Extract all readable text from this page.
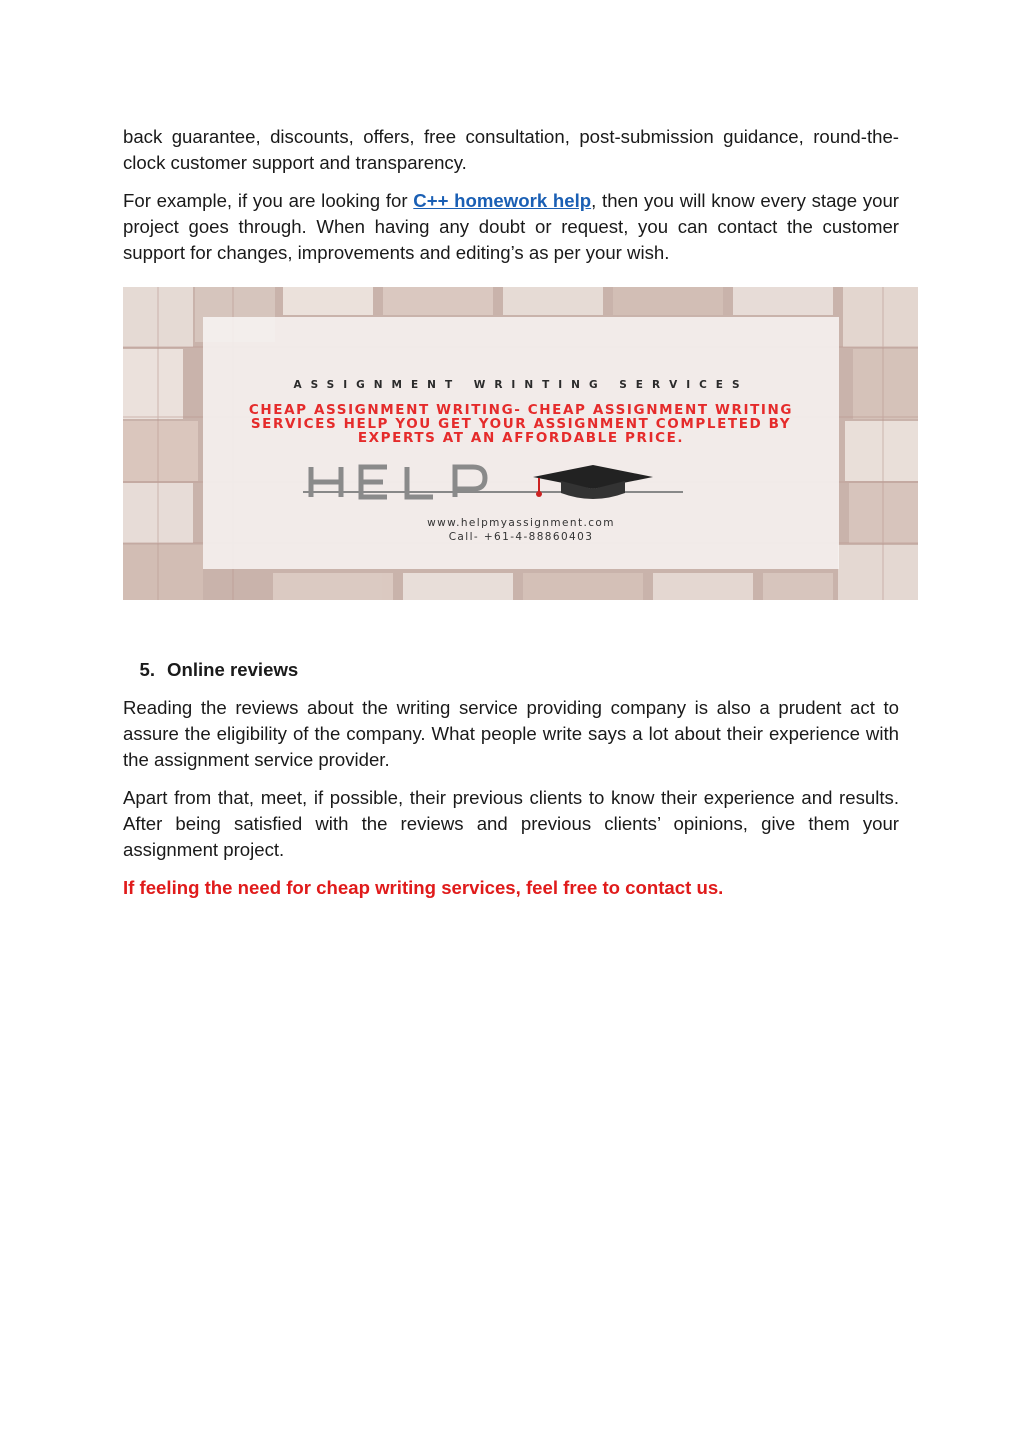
back guarantee, discounts, offers, free consultation, post-submission guidance, round-the-clock customer support and transparency.

For example, if you are looking for C++ homework help, then you will know every stage your project goes through. When having any doubt or request, you can contact the customer support for changes, improvements and editing’s as per your wish.

ASSIGNMENT WRINTING SERVICES
CHEAP ASSIGNMENT WRITING- CHEAP ASSIGNMENT WRITING SERVICES HELP YOU GET YOUR ASSIGNMENT COMPLETED BY EXPERTS AT AN AFFORDABLE PRICE.
www.helpmyassignment.com
Call- +61-4-88860403
5. Online reviews

Reading the reviews about the writing service providing company is also a prudent act to assure the eligibility of the company. What people write says a lot about their experience with the assignment service provider.

Apart from that, meet, if possible, their previous clients to know their experience and results. After being satisfied with the reviews and previous clients’ opinions, give them your assignment project.

If feeling the need for cheap writing services, feel free to contact us.
